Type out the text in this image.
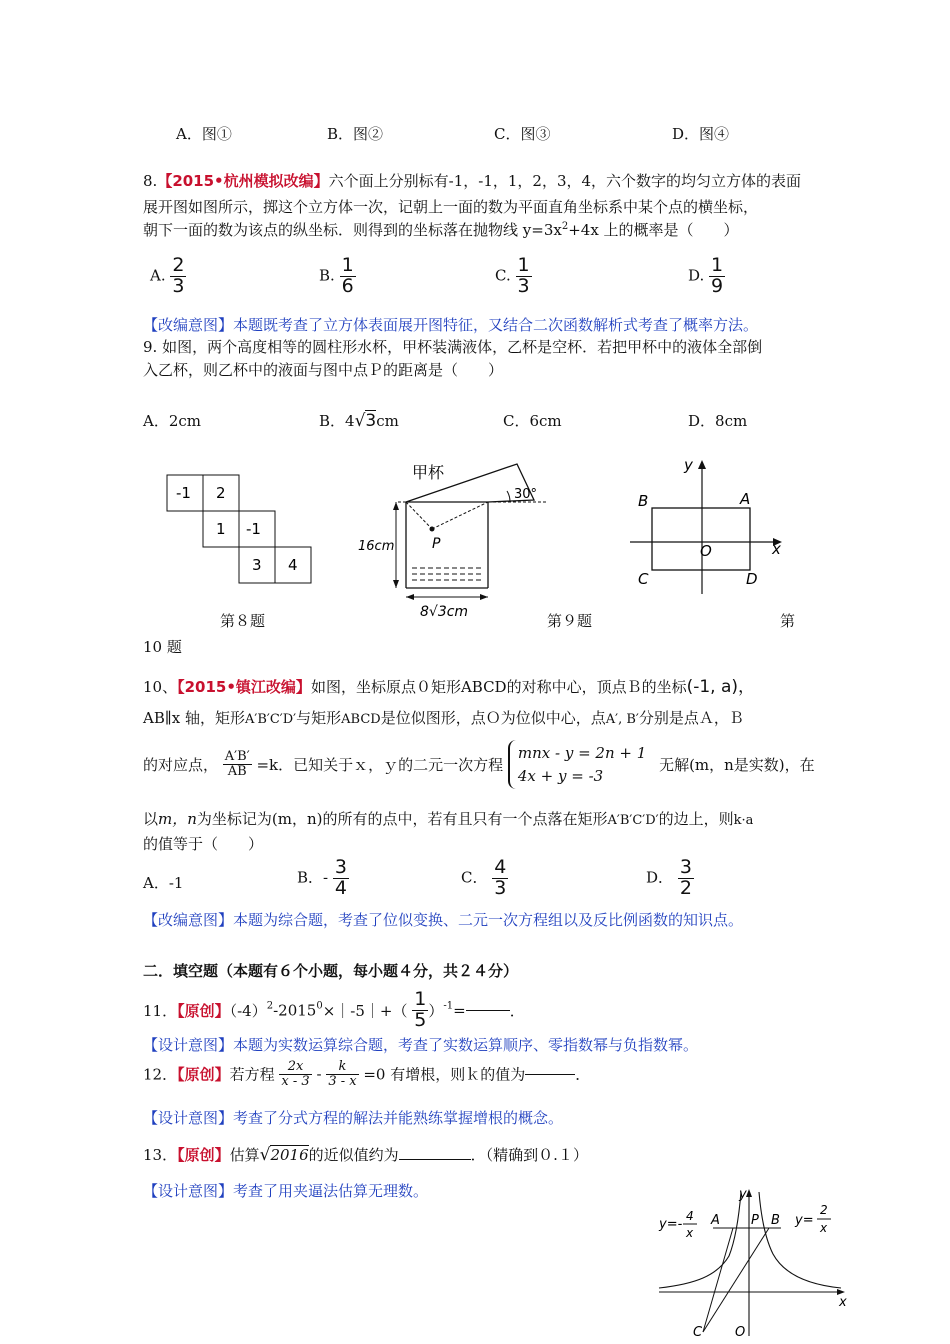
A．图①	B．图②	C．图③	D．图④
8.【2015•杭州模拟改编】六个面上分别标有-1，-1，1，2，3，4，六个数字的均匀立方体的表面
展开图如图所示，掷这个立方体一次，记朝上一面的数为平面直角坐标系中某个点的横坐标，
朝下一面的数为该点的纵坐标．则得到的坐标落在抛物线 $y=3x^2+4x$ 上的概率是（　　）
A. $\frac{2}{3}$	B. $\frac{1}{6}$	C. $\frac{1}{3}$	D. $\frac{1}{9}$
【改编意图】本题既考查了立方体表面展开图特征，又结合二次函数解析式考查了概率方法。
9. 如图，两个高度相等的圆柱形水杯，甲杯装满液体，乙杯是空杯．若把甲杯中的液体全部倒
入乙杯，则乙杯中的液面与图中点Ｐ的距离是（　　）
A．2cm	B．4√3cm	C．6cm	D．8cm
-1 2
1 -1
3 4
甲杯
30°
P
16cm
8√3cm
y
B	A
O	x
C	D
第８题	第９题	第
10 题
10、【2015•镇江改编】如图，坐标原点０矩形ABCD的对称中心，顶点Ｂ的坐标(-1, a)，
AB∥x 轴，矩形A′B′C′D′与矩形ABCD是位似图形，点Ｏ为位似中心，点A′, B′分别是点Ａ，Ｂ
的对应点， $\frac{A'B'}{AB} =k$．已知关于ｘ，ｙ的二元一次方程
mnx - y = 2n + 1
4x + y = -3
无解(m，n是实数)，在
以m，n为坐标记为(m，n)的所有的点中，若有且只有一个点落在矩形A′B′C′D′的边上，则k·a
的值等于（　　）
A．-1	B．- $\frac{3}{4}$	C． $\frac{4}{3}$	D． $\frac{3}{2}$
【改编意图】本题为综合题，考查了位似变换、二元一次方程组以及反比例函数的知识点。
二．填空题（本题有６个小题，每小题４分，共２４分）
11．【原创】$(-4)^2-2015^0\times|-5|+( \frac{1}{5} )^{-1}=$	．
【设计意图】本题为实数运算综合题，考查了实数运算顺序、零指数幂与负指数幂。
12．【原创】若方程 $\frac{2x}{x - 3} - \frac{k}{3 - x} =0$ 有增根，则ｋ的值为	．
【设计意图】考查了分式方程的解法并能熟练掌握增根的概念。
13．【原创】估算√2016的近似值约为	．（精确到０.１）
【设计意图】考查了用夹逼法估算无理数。	y
A P B
C	O
x
y=-
4
x
y=
2
x
